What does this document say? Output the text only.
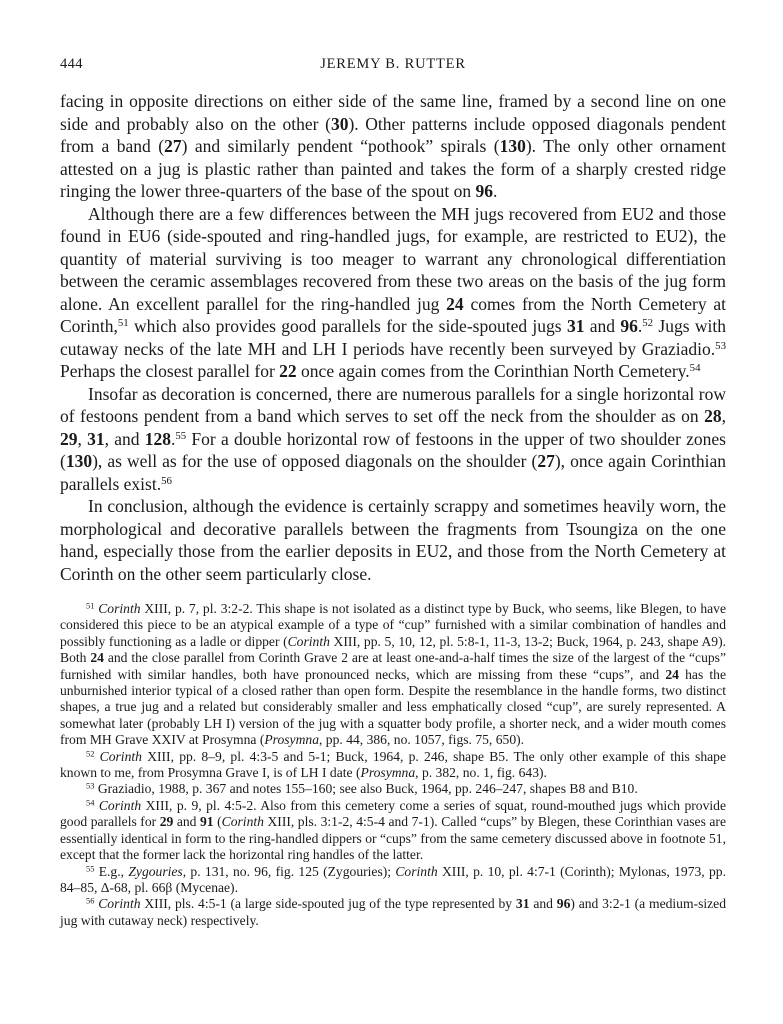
444	JEREMY B. RUTTER

facing in opposite directions on either side of the same line, framed by a second line on one side and probably also on the other (30). Other patterns include opposed diagonals pendent from a band (27) and similarly pendent “pothook” spirals (130). The only other ornament attested on a jug is plastic rather than painted and takes the form of a sharply crested ridge ringing the lower three-quarters of the base of the spout on 96.

Although there are a few differences between the MH jugs recovered from EU2 and those found in EU6 (side-spouted and ring-handled jugs, for example, are restricted to EU2), the quantity of material surviving is too meager to warrant any chronological differentiation between the ceramic assemblages recovered from these two areas on the basis of the jug form alone. An excellent parallel for the ring-handled jug 24 comes from the North Cemetery at Corinth,$^{51}$ which also provides good parallels for the side-spouted jugs 31 and 96.52 Jugs with cutaway necks of the late MH and LH I periods have recently been surveyed by Graziadio.$^{53}$ Perhaps the closest parallel for 22 once again comes from the Corinthian North Cemetery.$^{54}$

Insofar as decoration is concerned, there are numerous parallels for a single horizontal row of festoons pendent from a band which serves to set off the neck from the shoulder as on 28, 29, 31, and 128.55 For a double horizontal row of festoons in the upper of two shoulder zones (130), as well as for the use of opposed diagonals on the shoulder (27), once again Corinthian parallels exist.$^{56}$

In conclusion, although the evidence is certainly scrappy and sometimes heavily worn, the morphological and decorative parallels between the fragments from Tsoungiza on the one hand, especially those from the earlier deposits in EU2, and those from the North Cemetery at Corinth on the other seem particularly close.

$^{51}$ Corinth XIII, p. 7, pl. 3:2-2. This shape is not isolated as a distinct type by Buck, who seems, like Blegen, to have considered this piece to be an atypical example of a type of “cup” furnished with a similar combination of handles and possibly functioning as a ladle or dipper (Corinth XIII, pp. 5, 10, 12, pl. 5:8-1, 11-3, 13-2; Buck, 1964, p. 243, shape A9). Both 24 and the close parallel from Corinth Grave 2 are at least one-and-a-half times the size of the largest of the “cups” furnished with similar handles, both have pronounced necks, which are missing from these “cups”, and 24 has the unburnished interior typical of a closed rather than open form. Despite the resemblance in the handle forms, two distinct shapes, a true jug and a related but considerably smaller and less emphatically closed “cup”, are surely represented. A somewhat later (probably LH I) version of the jug with a squatter body profile, a shorter neck, and a wider mouth comes from MH Grave XXIV at Prosymna (Prosymna, pp. 44, 386, no. 1057, figs. 75, 650).

$^{52}$ Corinth XIII, pp. 8–9, pl. 4:3-5 and 5-1; Buck, 1964, p. 246, shape B5. The only other example of this shape known to me, from Prosymna Grave I, is of LH I date (Prosymna, p. 382, no. 1, fig. 643).

$^{53}$ Graziadio, 1988, p. 367 and notes 155–160; see also Buck, 1964, pp. 246–247, shapes B8 and B10.

$^{54}$ Corinth XIII, p. 9, pl. 4:5-2. Also from this cemetery come a series of squat, round-mouthed jugs which provide good parallels for 29 and 91 (Corinth XIII, pls. 3:1-2, 4:5-4 and 7-1). Called “cups” by Blegen, these Corinthian vases are essentially identical in form to the ring-handled dippers or “cups” from the same cemetery discussed above in footnote 51, except that the former lack the horizontal ring handles of the latter.

$^{55}$ E.g., Zygouries, p. 131, no. 96, fig. 125 (Zygouries); Corinth XIII, p. 10, pl. 4:7-1 (Corinth); Mylonas, 1973, pp. 84–85, Δ-68, pl. 66β (Mycenae).

$^{56}$ Corinth XIII, pls. 4:5-1 (a large side-spouted jug of the type represented by 31 and 96) and 3:2-1 (a medium-sized jug with cutaway neck) respectively.
